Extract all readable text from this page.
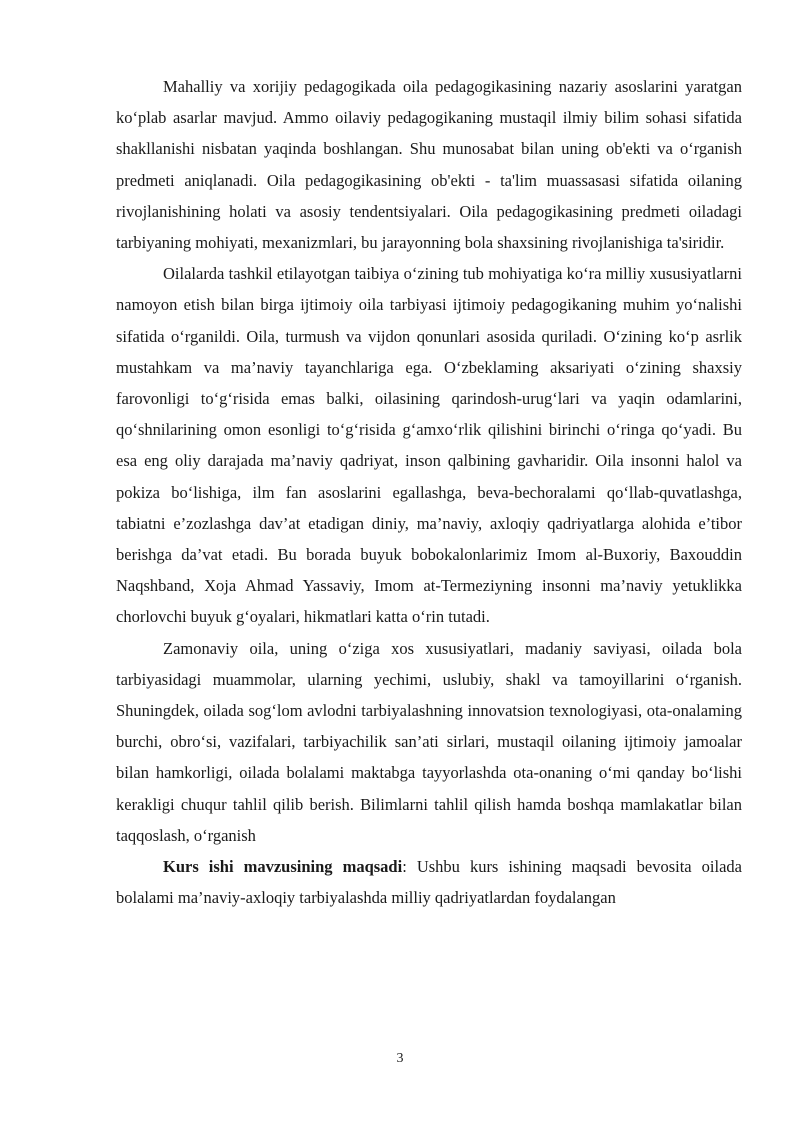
Mahalliy va xorijiy pedagogikada oila pedagogikasining nazariy asoslarini yaratgan ko‘plab asarlar mavjud. Ammo oilaviy pedagogikaning mustaqil ilmiy bilim sohasi sifatida shakllanishi nisbatan yaqinda boshlangan. Shu munosabat bilan uning ob'ekti va o‘rganish predmeti aniqlanadi. Oila pedagogikasining ob'ekti - ta'lim muassasasi sifatida oilaning rivojlanishining holati va asosiy tendentsiyalari. Oila pedagogikasining predmeti oiladagi tarbiyaning mohiyati, mexanizmlari, bu jarayonning bola shaxsining rivojlanishiga ta'siridir.

Oilalarda tashkil etilayotgan taibiya o‘zining tub mohiyatiga ko‘ra milliy xususiyatlarni namoyon etish bilan birga ijtimoiy oila tarbiyasi ijtimoiy pedagogikaning muhim yo‘nalishi sifatida o‘rganildi. Oila, turmush va vijdon qonunlari asosida quriladi. O‘zining ko‘p asrlik mustahkam va ma’naviy tayanchlariga ega. O‘zbeklaming aksariyati o‘zining shaxsiy farovonligi to‘g‘risida emas balki, oilasining qarindosh-urug‘lari va yaqin odamlarini, qo‘shnilarining omon esonligi to‘g‘risida g‘amxo‘rlik qilishini birinchi o‘ringa qo‘yadi. Bu esa eng oliy darajada ma’naviy qadriyat, inson qalbining gavharidir. Oila insonni halol va pokiza bo‘lishiga, ilm fan asoslarini egallashga, beva-bechoralami qo‘llab-quvatlashga, tabiatni e’zozlashga dav’at etadigan diniy, ma’naviy, axloqiy qadriyatlarga alohida e’tibor berishga da’vat etadi. Bu borada buyuk bobokalonlarimiz Imom al-Buxoriy, Baxouddin Naqshband, Xoja Ahmad Yassaviy, Imom at-Termeziyning insonni ma’naviy yetuklikka chorlovchi buyuk g‘oyalari, hikmatlari katta o‘rin tutadi.

Zamonaviy oila, uning o‘ziga xos xususiyatlari, madaniy saviyasi, oilada bola tarbiyasidagi muammolar, ularning yechimi, uslubiy, shakl va tamoyillarini o‘rganish. Shuningdek, oilada sog‘lom avlodni tarbiyalashning innovatsion texnologiyasi, ota-onalaming burchi, obro‘si, vazifalari, tarbiyachilik san’ati sirlari, mustaqil oilaning ijtimoiy jamoalar bilan hamkorligi, oilada bolalami maktabga tayyorlashda ota-onaning o‘mi qanday bo‘lishi kerakligi chuqur tahlil qilib berish. Bilimlarni tahlil qilish hamda boshqa mamlakatlar bilan taqqoslash, o‘rganish

Kurs ishi mavzusining maqsadi: Ushbu kurs ishining maqsadi bevosita oilada bolalami ma’naviy-axloqiy tarbiyalashda milliy qadriyatlardan foydalangan

3
